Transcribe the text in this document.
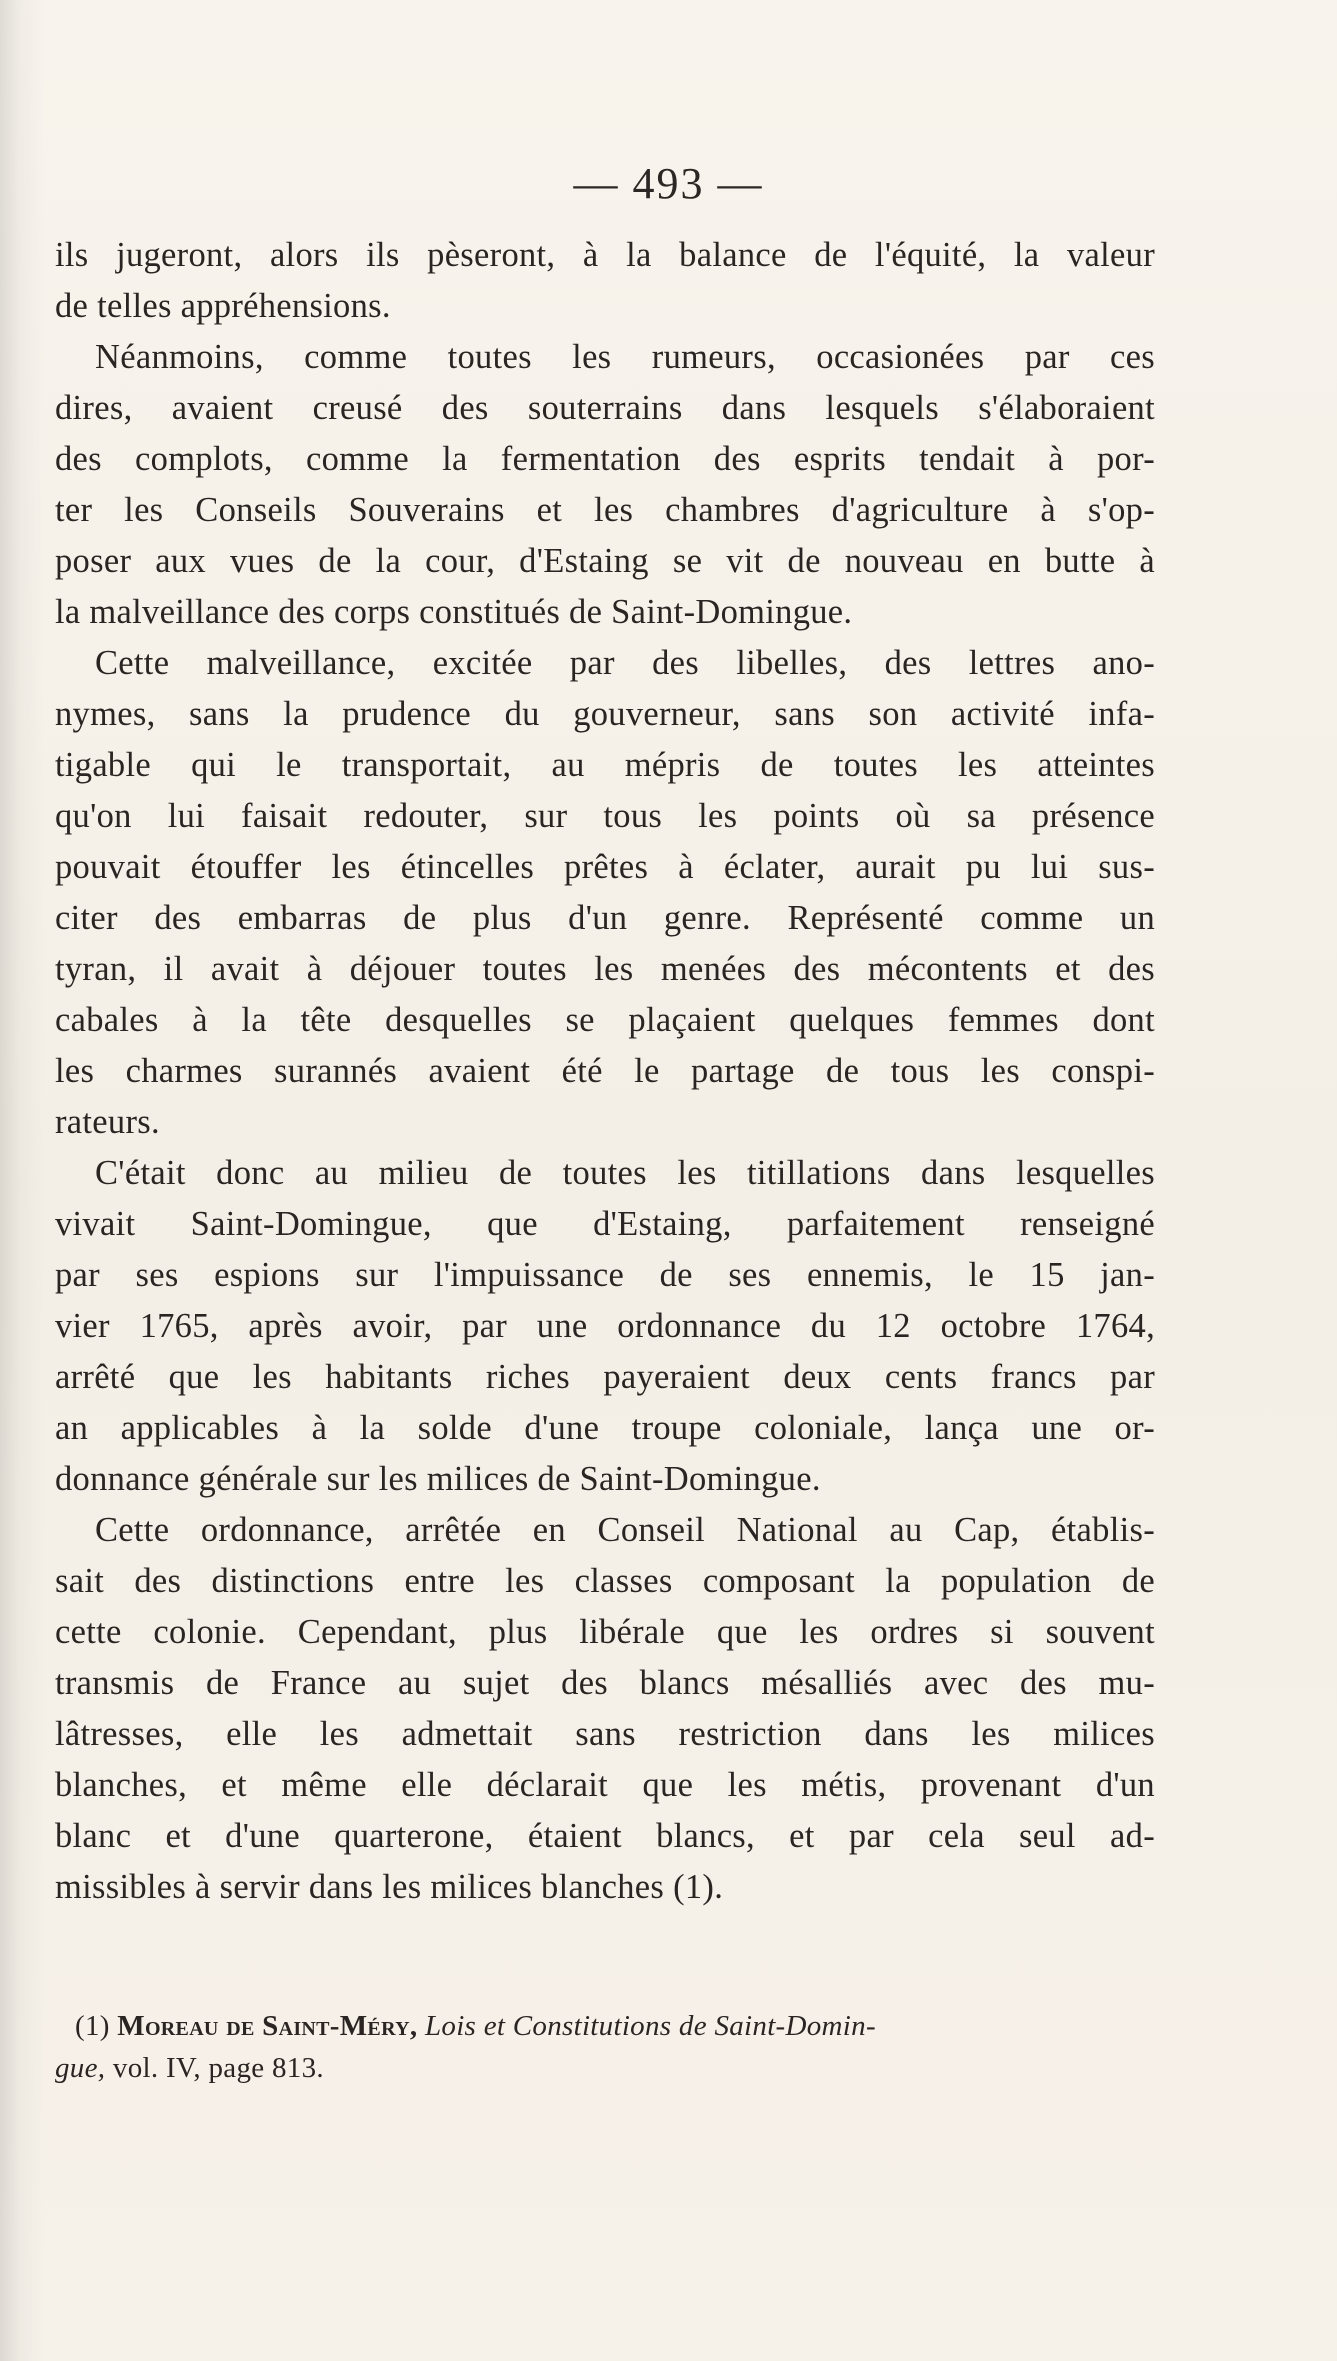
— 493 —
ils jugeront, alors ils pèseront, à la balance de l'équité, la valeur
de telles appréhensions.
Néanmoins, comme toutes les rumeurs, occasionées par ces
dires, avaient creusé des souterrains dans lesquels s'élaboraient
des complots, comme la fermentation des esprits tendait à por-
ter les Conseils Souverains et les chambres d'agriculture à s'op-
poser aux vues de la cour, d'Estaing se vit de nouveau en butte à
la malveillance des corps constitués de Saint-Domingue.
Cette malveillance, excitée par des libelles, des lettres ano-
nymes, sans la prudence du gouverneur, sans son activité infa-
tigable qui le transportait, au mépris de toutes les atteintes
qu'on lui faisait redouter, sur tous les points où sa présence
pouvait étouffer les étincelles prêtes à éclater, aurait pu lui sus-
citer des embarras de plus d'un genre. Représenté comme un
tyran, il avait à déjouer toutes les menées des mécontents et des
cabales à la tête desquelles se plaçaient quelques femmes dont
les charmes surannés avaient été le partage de tous les conspi-
rateurs.
C'était donc au milieu de toutes les titillations dans lesquelles
vivait Saint-Domingue, que d'Estaing, parfaitement renseigné
par ses espions sur l'impuissance de ses ennemis, le 15 jan-
vier 1765, après avoir, par une ordonnance du 12 octobre 1764,
arrêté que les habitants riches payeraient deux cents francs par
an applicables à la solde d'une troupe coloniale, lança une or-
donnance générale sur les milices de Saint-Domingue.
Cette ordonnance, arrêtée en Conseil National au Cap, établis-
sait des distinctions entre les classes composant la population de
cette colonie. Cependant, plus libérale que les ordres si souvent
transmis de France au sujet des blancs mésalliés avec des mu-
lâtresses, elle les admettait sans restriction dans les milices
blanches, et même elle déclarait que les métis, provenant d'un
blanc et d'une quarterone, étaient blancs, et par cela seul ad-
missibles à servir dans les milices blanches (1).
(1) Moreau de Saint-Méry, Lois et Constitutions de Saint-Domin-
gue, vol. IV, page 813.
